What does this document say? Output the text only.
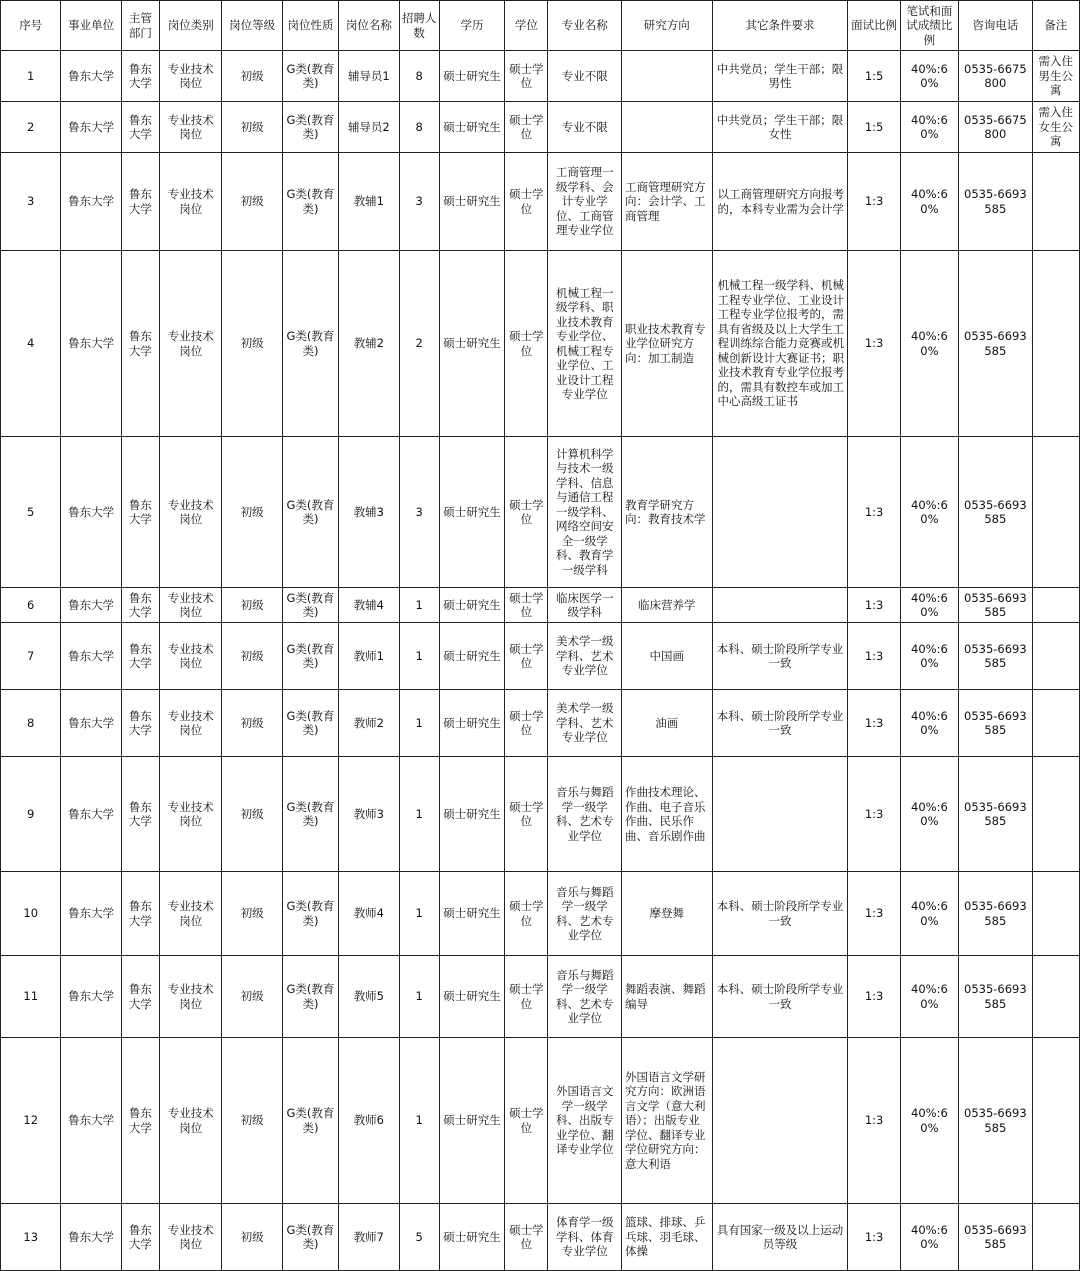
序号	事业单位	主管部门	岗位类别	岗位等级	岗位性质	岗位名称	招聘人数	学历	学位	专业名称	研究方向	其它条件要求	面试比例	笔试和面试成绩比例	咨询电话	备注
1	鲁东大学	鲁东大学	专业技术岗位	初级	G类(教育类)	辅导员1	8	硕士研究生	硕士学位	专业不限		中共党员；学生干部；限男性	1:5	40%:60%	0535-6675800	需入住男生公寓
2	鲁东大学	鲁东大学	专业技术岗位	初级	G类(教育类)	辅导员2	8	硕士研究生	硕士学位	专业不限		中共党员；学生干部；限女性	1:5	40%:60%	0535-6675800	需入住女生公寓
3	鲁东大学	鲁东大学	专业技术岗位	初级	G类(教育类)	教辅1	3	硕士研究生	硕士学位	工商管理一级学科、会计专业学位、工商管理专业学位	工商管理研究方向：会计学、工商管理	以工商管理研究方向报考的，本科专业需为会计学	1:3	40%:60%	0535-6693585	
4	鲁东大学	鲁东大学	专业技术岗位	初级	G类(教育类)	教辅2	2	硕士研究生	硕士学位	机械工程一级学科、职业技术教育专业学位、机械工程专业学位、工业设计工程专业学位	职业技术教育专业学位研究方向：加工制造	机械工程一级学科、机械工程专业学位、工业设计工程专业学位报考的，需具有省级及以上大学生工程训练综合能力竞赛或机械创新设计大赛证书；职业技术教育专业学位报考的，需具有数控车或加工中心高级工证书	1:3	40%:60%	0535-6693585	
5	鲁东大学	鲁东大学	专业技术岗位	初级	G类(教育类)	教辅3	3	硕士研究生	硕士学位	计算机科学与技术一级学科、信息与通信工程一级学科、网络空间安全一级学科、教育学一级学科	教育学研究方向：教育技术学		1:3	40%:60%	0535-6693585	
6	鲁东大学	鲁东大学	专业技术岗位	初级	G类(教育类)	教辅4	1	硕士研究生	硕士学位	临床医学一级学科	临床营养学		1:3	40%:60%	0535-6693585	
7	鲁东大学	鲁东大学	专业技术岗位	初级	G类(教育类)	教师1	1	硕士研究生	硕士学位	美术学一级学科、艺术专业学位	中国画	本科、硕士阶段所学专业一致	1:3	40%:60%	0535-6693585	
8	鲁东大学	鲁东大学	专业技术岗位	初级	G类(教育类)	教师2	1	硕士研究生	硕士学位	美术学一级学科、艺术专业学位	油画	本科、硕士阶段所学专业一致	1:3	40%:60%	0535-6693585	
9	鲁东大学	鲁东大学	专业技术岗位	初级	G类(教育类)	教师3	1	硕士研究生	硕士学位	音乐与舞蹈学一级学科、艺术专业学位	作曲技术理论、作曲、电子音乐作曲、民乐作曲、音乐剧作曲		1:3	40%:60%	0535-6693585	
10	鲁东大学	鲁东大学	专业技术岗位	初级	G类(教育类)	教师4	1	硕士研究生	硕士学位	音乐与舞蹈学一级学科、艺术专业学位	摩登舞	本科、硕士阶段所学专业一致	1:3	40%:60%	0535-6693585	
11	鲁东大学	鲁东大学	专业技术岗位	初级	G类(教育类)	教师5	1	硕士研究生	硕士学位	音乐与舞蹈学一级学科、艺术专业学位	舞蹈表演、舞蹈编导	本科、硕士阶段所学专业一致	1:3	40%:60%	0535-6693585	
12	鲁东大学	鲁东大学	专业技术岗位	初级	G类(教育类)	教师6	1	硕士研究生	硕士学位	外国语言文学一级学科、出版专业学位、翻译专业学位	外国语言文学研究方向：欧洲语言文学（意大利语）；出版专业学位、翻译专业学位研究方向：意大利语		1:3	40%:60%	0535-6693585	
13	鲁东大学	鲁东大学	专业技术岗位	初级	G类(教育类)	教师7	5	硕士研究生	硕士学位	体育学一级学科、体育专业学位	篮球、排球、乒乓球、羽毛球、体操	具有国家一级及以上运动员等级	1:3	40%:60%	0535-6693585	
